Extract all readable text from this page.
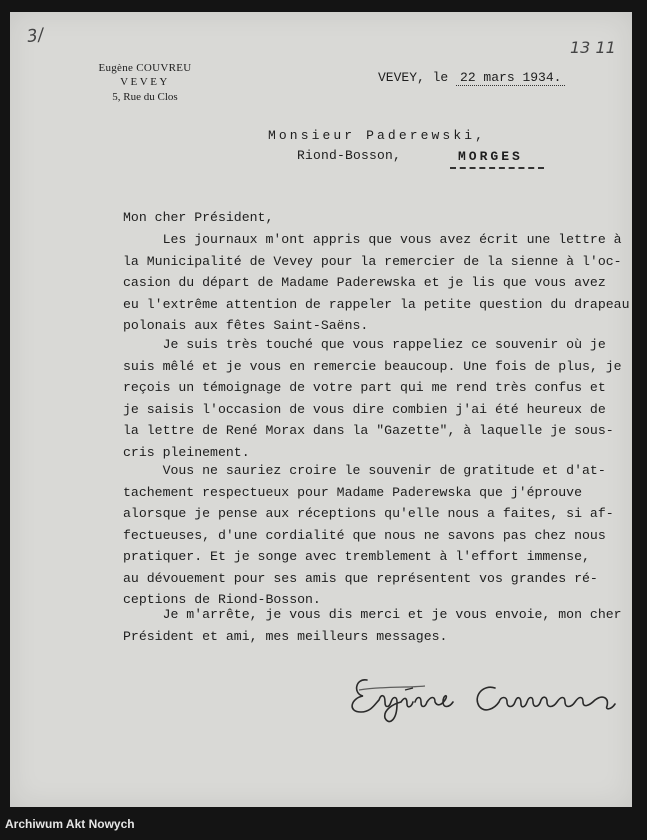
3/
13 11
Eugène COUVREU
VEVEY
5, Rue du Clos
VEVEY, le 22 mars 1934.
Monsieur Paderewski,
Riond-Bosson,	MORGES
Mon cher Président,
Les journaux m'ont appris que vous avez écrit une lettre à
la Municipalité de Vevey pour la remercier de la sienne à l'oc-
casion du départ de Madame Paderewska et je lis que vous avez
eu l'extrême attention de rappeler la petite question du drapeau
polonais aux fêtes Saint-Saëns.
Je suis très touché que vous rappeliez ce souvenir où je
suis mêlé et je vous en remercie beaucoup. Une fois de plus, je
reçois un témoignage de votre part qui me rend très confus et
je saisis l'occasion de vous dire combien j'ai été heureux de
la lettre de René Morax dans la "Gazette", à laquelle je sous-
cris pleinement.
Vous ne sauriez croire le souvenir de gratitude et d'at-
tachement respectueux pour Madame Paderewska que j'éprouve
alorsque je pense aux réceptions qu'elle nous a faites, si af-
fectueuses, d'une cordialité que nous ne savons pas chez nous
pratiquer. Et je songe avec tremblement à l'effort immense,
au dévouement pour ses amis que représentent vos grandes ré-
ceptions de Riond-Bosson.
Je m'arrête, je vous dis merci et je vous envoie, mon cher
Président et ami, mes meilleurs messages.
Archiwum Akt Nowych
